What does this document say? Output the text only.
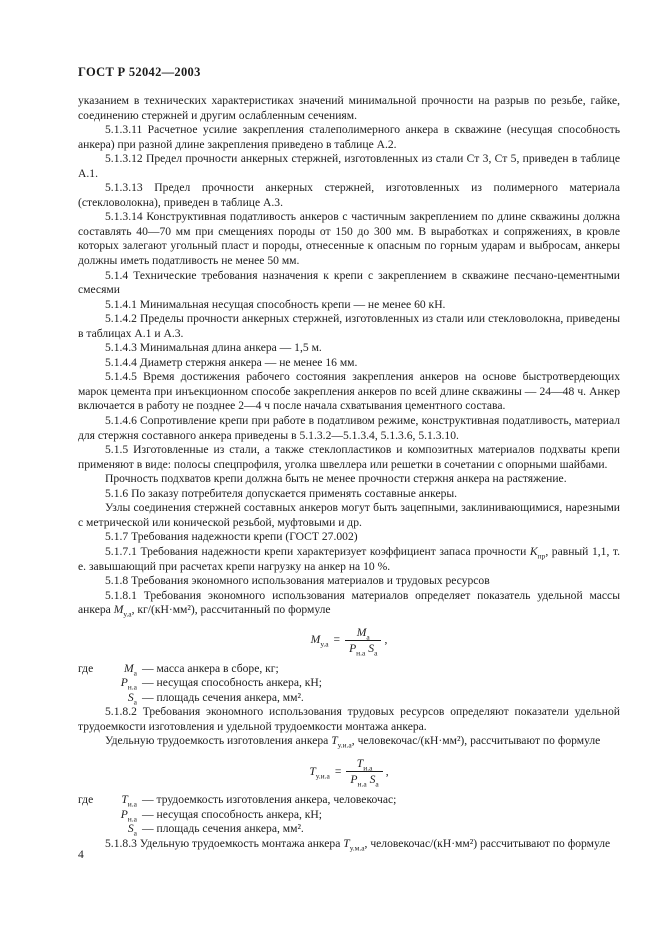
ГОСТ Р 52042—2003

указанием в технических характеристиках значений минимальной прочности на разрыв по резьбе, гайке, соединению стержней и другим ослабленным сечениям.

5.1.3.11 Расчетное усилие закрепления сталеполимерного анкера в скважине (несущая способность анкера) при разной длине закрепления приведено в таблице А.2.

5.1.3.12 Предел прочности анкерных стержней, изготовленных из стали Ст 3, Ст 5, приведен в таблице А.1.

5.1.3.13 Предел прочности анкерных стержней, изготовленных из полимерного материала (стекловолокна), приведен в таблице А.3.

5.1.3.14 Конструктивная податливость анкеров с частичным закреплением по длине скважины должна составлять 40—70 мм при смещениях породы от 150 до 300 мм. В выработках и сопряжениях, в кровле которых залегают угольный пласт и породы, отнесенные к опасным по горным ударам и выбросам, анкеры должны иметь податливость не менее 50 мм.

5.1.4 Технические требования назначения к крепи с закреплением в скважине песчано-цементными смесями

5.1.4.1 Минимальная несущая способность крепи — не менее 60 кН.

5.1.4.2 Пределы прочности анкерных стержней, изготовленных из стали или стекловолокна, приведены в таблицах А.1 и А.3.

5.1.4.3 Минимальная длина анкера — 1,5 м.

5.1.4.4 Диаметр стержня анкера — не менее 16 мм.

5.1.4.5 Время достижения рабочего состояния закрепления анкеров на основе быстротвердеющих марок цемента при инъекционном способе закрепления анкеров по всей длине скважины — 24—48 ч. Анкер включается в работу не позднее 2—4 ч после начала схватывания цементного состава.

5.1.4.6 Сопротивление крепи при работе в податливом режиме, конструктивная податливость, материал для стержня составного анкера приведены в 5.1.3.2—5.1.3.4, 5.1.3.6, 5.1.3.10.

5.1.5 Изготовленные из стали, а также стеклопластиков и композитных материалов подхваты крепи применяют в виде: полосы спецпрофиля, уголка швеллера или решетки в сочетании с опорными шайбами.

Прочность подхватов крепи должна быть не менее прочности стержня анкера на растяжение.

5.1.6 По заказу потребителя допускается применять составные анкеры.

Узлы соединения стержней составных анкеров могут быть зацепными, заклинивающимися, нарезными с метрической или конической резьбой, муфтовыми и др.

5.1.7 Требования надежности крепи (ГОСТ 27.002)

5.1.7.1 Требования надежности крепи характеризует коэффициент запаса прочности $К_{пр}$, равный 1,1, т. е. завышающий при расчетах крепи нагрузку на анкер на 10 %.

5.1.8 Требования экономного использования материалов и трудовых ресурсов

5.1.8.1 Требования экономного использования материалов определяет показатель удельной массы анкера $М_{у.а}$, кг/(кН·мм²), рассчитанный по формуле

$М_{у.а} = \frac{М_а}{Р_{н.а} S_а}$ ,
где	$М_а$ — масса анкера в сборе, кг;
$Р_{н.а}$ — несущая способность анкера, кН;
$S_а$ — площадь сечения анкера, мм².

5.1.8.2 Требования экономного использования трудовых ресурсов определяют показатели удельной трудоемкости изготовления и удельной трудоемкости монтажа анкера.

Удельную трудоемкость изготовления анкера $Т_{у.и.а}$, человекочас/(кН·мм²), рассчитывают по формуле

$Т_{у.и.а} = \frac{Т_{и.а}}{Р_{н.а} S_а}$ ,
где	$Т_{и.а}$ — трудоемкость изготовления анкера, человекочас;
$Р_{н.а}$ — несущая способность анкера, кН;
$S_а$ — площадь сечения анкера, мм².

5.1.8.3 Удельную трудоемкость монтажа анкера $Т_{у.м.а}$, человекочас/(кН·мм²) рассчитывают по формуле

4
